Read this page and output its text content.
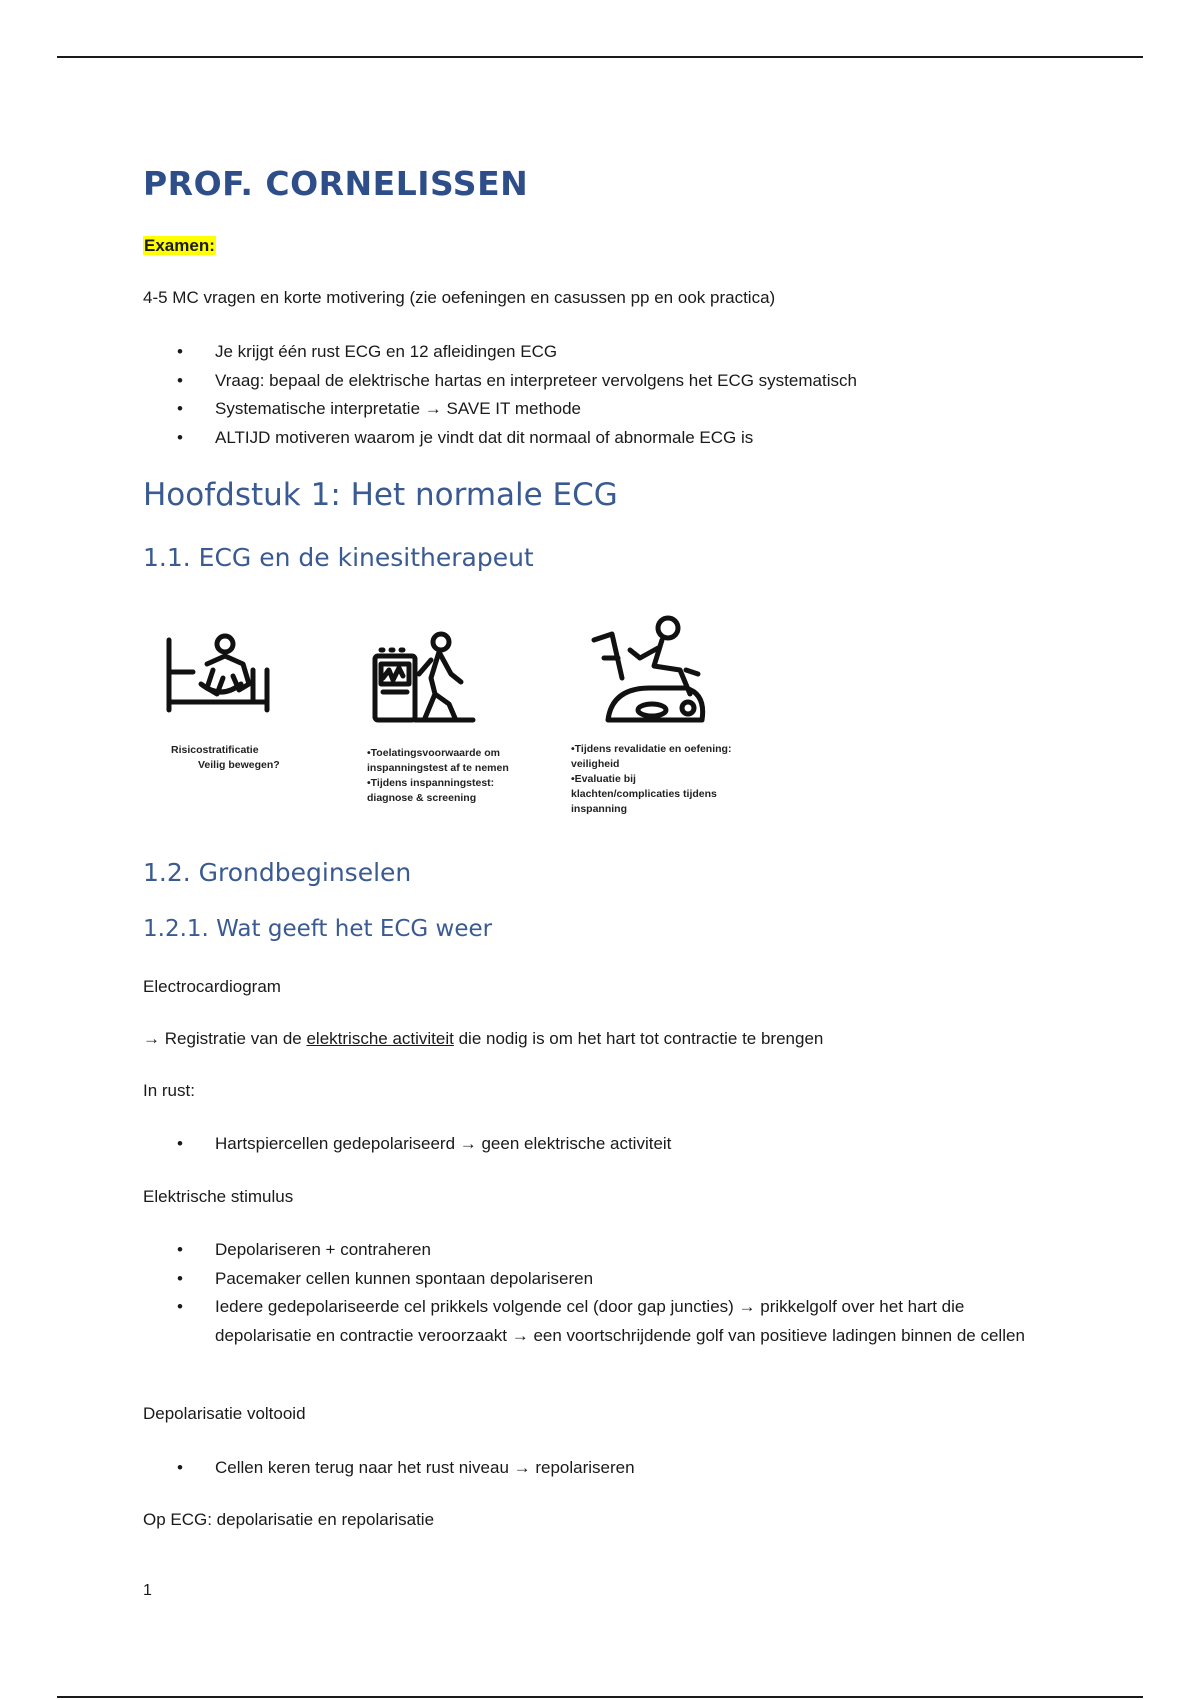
PROF. CORNELISSEN
Examen:
4-5 MC vragen en korte motivering (zie oefeningen en casussen pp en ook practica)
• Je krijgt één rust ECG en 12 afleidingen ECG
• Vraag: bepaal de elektrische hartas en interpreteer vervolgens het ECG systematisch
• Systematische interpretatie → SAVE IT methode
• ALTIJD motiveren waarom je vindt dat dit normaal of abnormale ECG is
Hoofdstuk 1: Het normale ECG
1.1. ECG en de kinesitherapeut
Risicostratificatie
Veilig bewegen?
•Toelatingsvoorwaarde om
inspanningstest af te nemen
•Tijdens inspanningstest:
diagnose & screening
•Tijdens revalidatie en oefening:
veiligheid
•Evaluatie bij
klachten/complicaties tijdens
inspanning
1.2. Grondbeginselen
1.2.1. Wat geeft het ECG weer
Electrocardiogram
→ Registratie van de elektrische activiteit die nodig is om het hart tot contractie te brengen
In rust:
• Hartspiercellen gedepolariseerd → geen elektrische activiteit
Elektrische stimulus
• Depolariseren + contraheren
• Pacemaker cellen kunnen spontaan depolariseren
• Iedere gedepolariseerde cel prikkels volgende cel (door gap juncties) → prikkelgolf over het hart die depolarisatie en contractie veroorzaakt → een voortschrijdende golf van positieve ladingen binnen de cellen
Depolarisatie voltooid
• Cellen keren terug naar het rust niveau → repolariseren
Op ECG: depolarisatie en repolarisatie
1
